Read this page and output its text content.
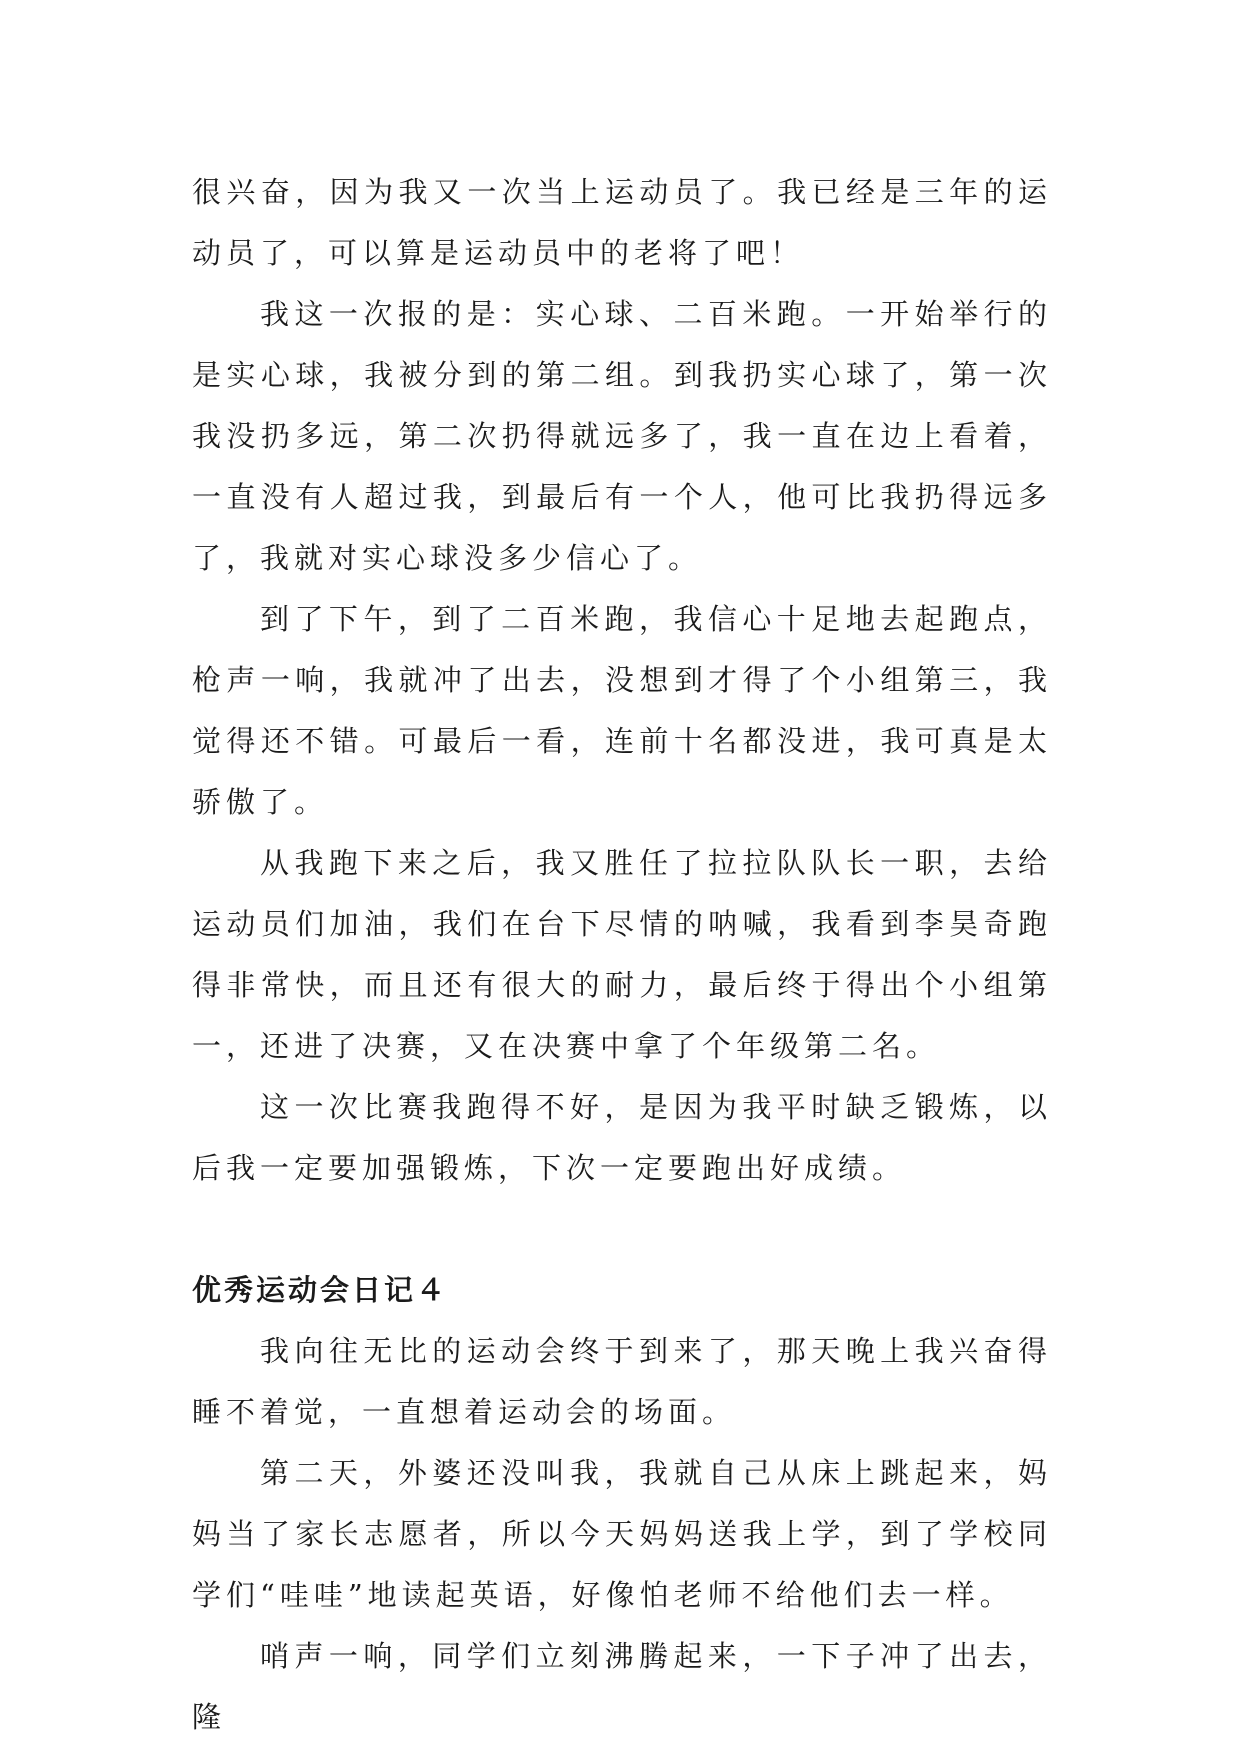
很兴奋，因为我又一次当上运动员了。我已经是三年的运动员了，可以算是运动员中的老将了吧！

我这一次报的是：实心球、二百米跑。一开始举行的是实心球，我被分到的第二组。到我扔实心球了，第一次我没扔多远，第二次扔得就远多了，我一直在边上看着，一直没有人超过我，到最后有一个人，他可比我扔得远多了，我就对实心球没多少信心了。

到了下午，到了二百米跑，我信心十足地去起跑点，枪声一响，我就冲了出去，没想到才得了个小组第三，我觉得还不错。可最后一看，连前十名都没进，我可真是太骄傲了。

从我跑下来之后，我又胜任了拉拉队队长一职，去给运动员们加油，我们在台下尽情的呐喊，我看到李昊奇跑得非常快，而且还有很大的耐力，最后终于得出个小组第一，还进了决赛，又在决赛中拿了个年级第二名。

这一次比赛我跑得不好，是因为我平时缺乏锻炼，以后我一定要加强锻炼，下次一定要跑出好成绩。

优秀运动会日记４

我向往无比的运动会终于到来了，那天晚上我兴奋得睡不着觉，一直想着运动会的场面。

第二天，外婆还没叫我，我就自己从床上跳起来，妈妈当了家长志愿者，所以今天妈妈送我上学，到了学校同学们“哇哇”地读起英语，好像怕老师不给他们去一样。

哨声一响，同学们立刻沸腾起来，一下子冲了出去，隆
